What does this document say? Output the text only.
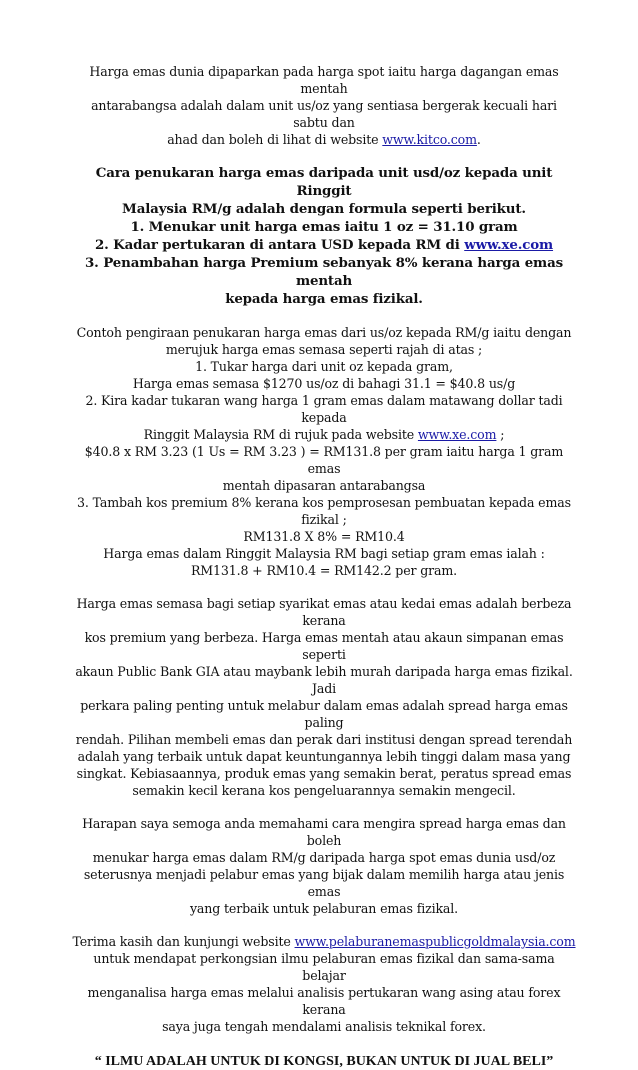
Harga emas dunia dipaparkan pada harga spot iaitu harga dagangan emas mentah
antarabangsa adalah dalam unit us/oz yang sentiasa bergerak kecuali hari sabtu dan
ahad dan boleh di lihat di website www.kitco.com.

Cara penukaran harga emas daripada unit usd/oz kepada unit Ringgit
Malaysia RM/g adalah dengan formula seperti berikut.
1. Menukar unit harga emas iaitu 1 oz = 31.10 gram
2. Kadar pertukaran di antara USD kepada RM di www.xe.com
3. Penambahan harga Premium sebanyak 8% kerana harga emas mentah
kepada harga emas fizikal.

Contoh pengiraan penukaran harga emas dari us/oz kepada RM/g iaitu dengan
merujuk harga emas semasa seperti rajah di atas ;
1. Tukar harga dari unit oz kepada gram,
Harga emas semasa $1270 us/oz di bahagi 31.1 = $40.8 us/g
2. Kira kadar tukaran wang harga 1 gram emas dalam matawang dollar tadi kepada
Ringgit Malaysia RM di rujuk pada website www.xe.com ;
$40.8 x RM 3.23 (1 Us = RM 3.23 ) = RM131.8 per gram iaitu harga 1 gram emas
mentah dipasaran antarabangsa
3. Tambah kos premium 8% kerana kos pemprosesan pembuatan kepada emas
fizikal ;
RM131.8 X 8% = RM10.4
Harga emas dalam Ringgit Malaysia RM bagi setiap gram emas ialah :
RM131.8 + RM10.4 = RM142.2 per gram.

Harga emas semasa bagi setiap syarikat emas atau kedai emas adalah berbeza kerana
kos premium yang berbeza. Harga emas mentah atau akaun simpanan emas seperti
akaun Public Bank GIA atau maybank lebih murah daripada harga emas fizikal. Jadi
perkara paling penting untuk melabur dalam emas adalah spread harga emas paling
rendah. Pilihan membeli emas dan perak dari institusi dengan spread terendah
adalah yang terbaik untuk dapat keuntungannya lebih tinggi dalam masa yang
singkat. Kebiasaannya, produk emas yang semakin berat, peratus spread emas
semakin kecil kerana kos pengeluarannya semakin mengecil.

Harapan saya semoga anda memahami cara mengira spread harga emas dan boleh
menukar harga emas dalam RM/g daripada harga spot emas dunia usd/oz
seterusnya menjadi pelabur emas yang bijak dalam memilih harga atau jenis emas
yang terbaik untuk pelaburan emas fizikal.

Terima kasih dan kunjungi website www.pelaburanemaspublicgoldmalaysia.com
untuk mendapat perkongsian ilmu pelaburan emas fizikal dan sama-sama belajar
menganalisa harga emas melalui analisis pertukaran wang asing atau forex kerana
saya juga tengah mendalami analisis teknikal forex.

“ ILMU ADALAH UNTUK DI KONGSI, BUKAN UNTUK DI JUAL BELI”
